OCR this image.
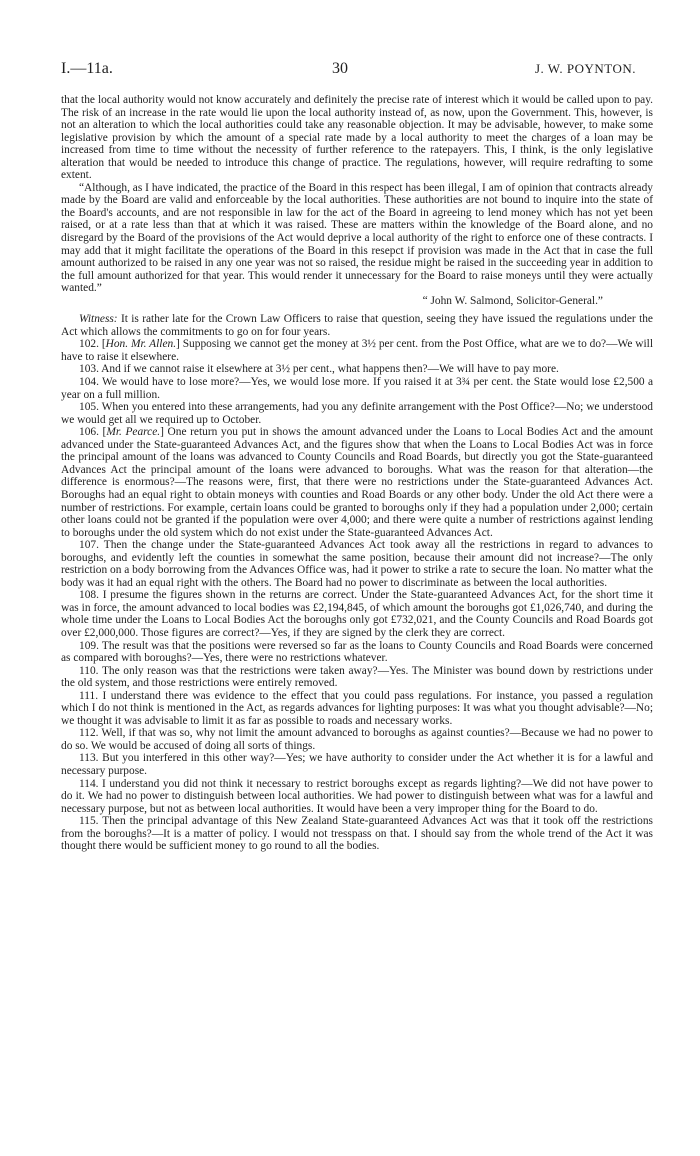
I.—11a.	30	J. W. POYNTON.

that the local authority would not know accurately and definitely the precise rate of interest which it would be called upon to pay. The risk of an increase in the rate would lie upon the local authority instead of, as now, upon the Government. This, however, is not an alteration to which the local authorities could take any reasonable objection. It may be advisable, however, to make some legislative provision by which the amount of a special rate made by a local authority to meet the charges of a loan may be increased from time to time without the necessity of further reference to the ratepayers. This, I think, is the only legislative alteration that would be needed to introduce this change of practice. The regulations, however, will require redrafting to some extent.

“Although, as I have indicated, the practice of the Board in this respect has been illegal, I am of opinion that contracts already made by the Board are valid and enforceable by the local authorities. These authorities are not bound to inquire into the state of the Board's accounts, and are not responsible in law for the act of the Board in agreeing to lend money which has not yet been raised, or at a rate less than that at which it was raised. These are matters within the knowledge of the Board alone, and no disregard by the Board of the provisions of the Act would deprive a local authority of the right to enforce one of these contracts. I may add that it might facilitate the operations of the Board in this resepct if provision was made in the Act that in case the full amount authorized to be raised in any one year was not so raised, the residue might be raised in the succeeding year in addition to the full amount authorized for that year. This would render it unnecessary for the Board to raise moneys until they were actually wanted.”

“ John W. Salmond, Solicitor-General.”

Witness: It is rather late for the Crown Law Officers to raise that question, seeing they have issued the regulations under the Act which allows the commitments to go on for four years.

102. [Hon. Mr. Allen.] Supposing we cannot get the money at 3½ per cent. from the Post Office, what are we to do?—We will have to raise it elsewhere.

103. And if we cannot raise it elsewhere at 3½ per cent., what happens then?—We will have to pay more.

104. We would have to lose more?—Yes, we would lose more. If you raised it at 3¾ per cent. the State would lose £2,500 a year on a full million.

105. When you entered into these arrangements, had you any definite arrangement with the Post Office?—No; we understood we would get all we required up to October.

106. [Mr. Pearce.] One return you put in shows the amount advanced under the Loans to Local Bodies Act and the amount advanced under the State-guaranteed Advances Act, and the figures show that when the Loans to Local Bodies Act was in force the principal amount of the loans was advanced to County Councils and Road Boards, but directly you got the State-guaranteed Advances Act the principal amount of the loans were advanced to boroughs. What was the reason for that alteration—the difference is enormous?—The reasons were, first, that there were no restrictions under the State-guaranteed Advances Act. Boroughs had an equal right to obtain moneys with counties and Road Boards or any other body. Under the old Act there were a number of restrictions. For example, certain loans could be granted to boroughs only if they had a population under 2,000; certain other loans could not be granted if the population were over 4,000; and there were quite a number of restrictions against lending to boroughs under the old system which do not exist under the State-guaranteed Advances Act.

107. Then the change under the State-guaranteed Advances Act took away all the restrictions in regard to advances to boroughs, and evidently left the counties in somewhat the same position, because their amount did not increase?—The only restriction on a body borrowing from the Advances Office was, had it power to strike a rate to secure the loan. No matter what the body was it had an equal right with the others. The Board had no power to discriminate as between the local authorities.

108. I presume the figures shown in the returns are correct. Under the State-guaranteed Advances Act, for the short time it was in force, the amount advanced to local bodies was £2,194,845, of which amount the boroughs got £1,026,740, and during the whole time under the Loans to Local Bodies Act the boroughs only got £732,021, and the County Councils and Road Boards got over £2,000,000. Those figures are correct?—Yes, if they are signed by the clerk they are correct.

109. The result was that the positions were reversed so far as the loans to County Councils and Road Boards were concerned as compared with boroughs?—Yes, there were no restrictions whatever.

110. The only reason was that the restrictions were taken away?—Yes. The Minister was bound down by restrictions under the old system, and those restrictions were entirely removed.

111. I understand there was evidence to the effect that you could pass regulations. For instance, you passed a regulation which I do not think is mentioned in the Act, as regards advances for lighting purposes: It was what you thought advisable?—No; we thought it was advisable to limit it as far as possible to roads and necessary works.

112. Well, if that was so, why not limit the amount advanced to boroughs as against counties?—Because we had no power to do so. We would be accused of doing all sorts of things.

113. But you interfered in this other way?—Yes; we have authority to consider under the Act whether it is for a lawful and necessary purpose.

114. I understand you did not think it necessary to restrict boroughs except as regards lighting?—We did not have power to do it. We had no power to distinguish between local authorities. We had power to distinguish between what was for a lawful and necessary purpose, but not as between local authorities. It would have been a very improper thing for the Board to do.

115. Then the principal advantage of this New Zealand State-guaranteed Advances Act was that it took off the restrictions from the boroughs?—It is a matter of policy. I would not tresspass on that. I should say from the whole trend of the Act it was thought there would be sufficient money to go round to all the bodies.
